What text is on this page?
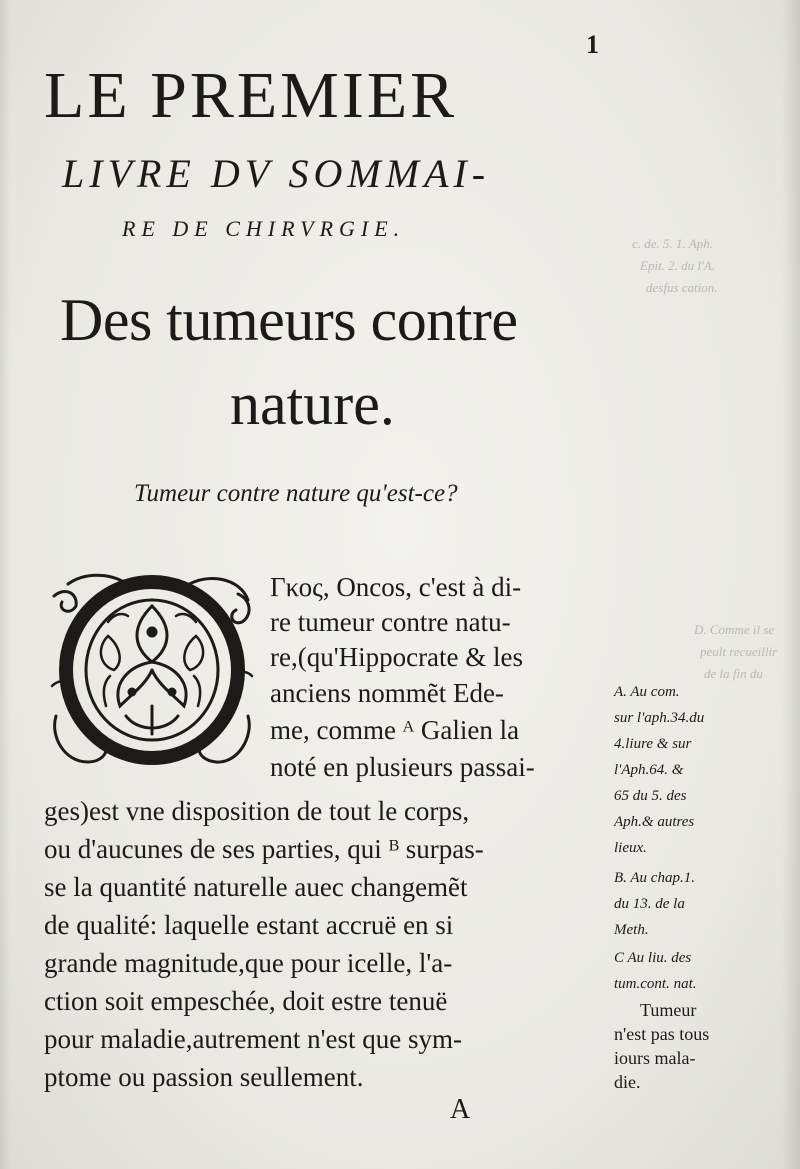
c. de. 5. 1. Aph.
Epit. 2. du l'A.
desfus cation.
D. Comme il se
peult recueillir
de la fin du
1
LE PREMIER
LIVRE DV SOMMAI-
RE DE CHIRVRGIE.
Des tumeurs contre
nature.
Tumeur contre nature qu'est-ce?
Γκος, Oncos, c'est à di-
re tumeur contre natu-
re,(qu'Hippocrate & les
anciens nommẽt Ede-
me, comme ᴬ Galien la
noté en plusieurs passai-
ges)est vne disposition de tout le corps,
ou d'aucunes de ses parties, qui ᴮ surpas-
se la quantité naturelle auec changemẽt
de qualité: laquelle estant accruë en si
grande magnitude,que pour icelle, l'a-
ction soit empeschée, doit estre tenuë
pour maladie,autrement n'est que sym-
ptome ou passion seullement.
A. Au com.
sur l'aph.34.du
4.liure & sur
l'Aph.64. &
65 du 5. des
Aph.& autres
lieux.
B. Au chap.1.
du 13. de la
Meth.
C Au liu. des
tum.cont. nat.
Tumeur
n'est pas tous
iours mala-
die.
A
